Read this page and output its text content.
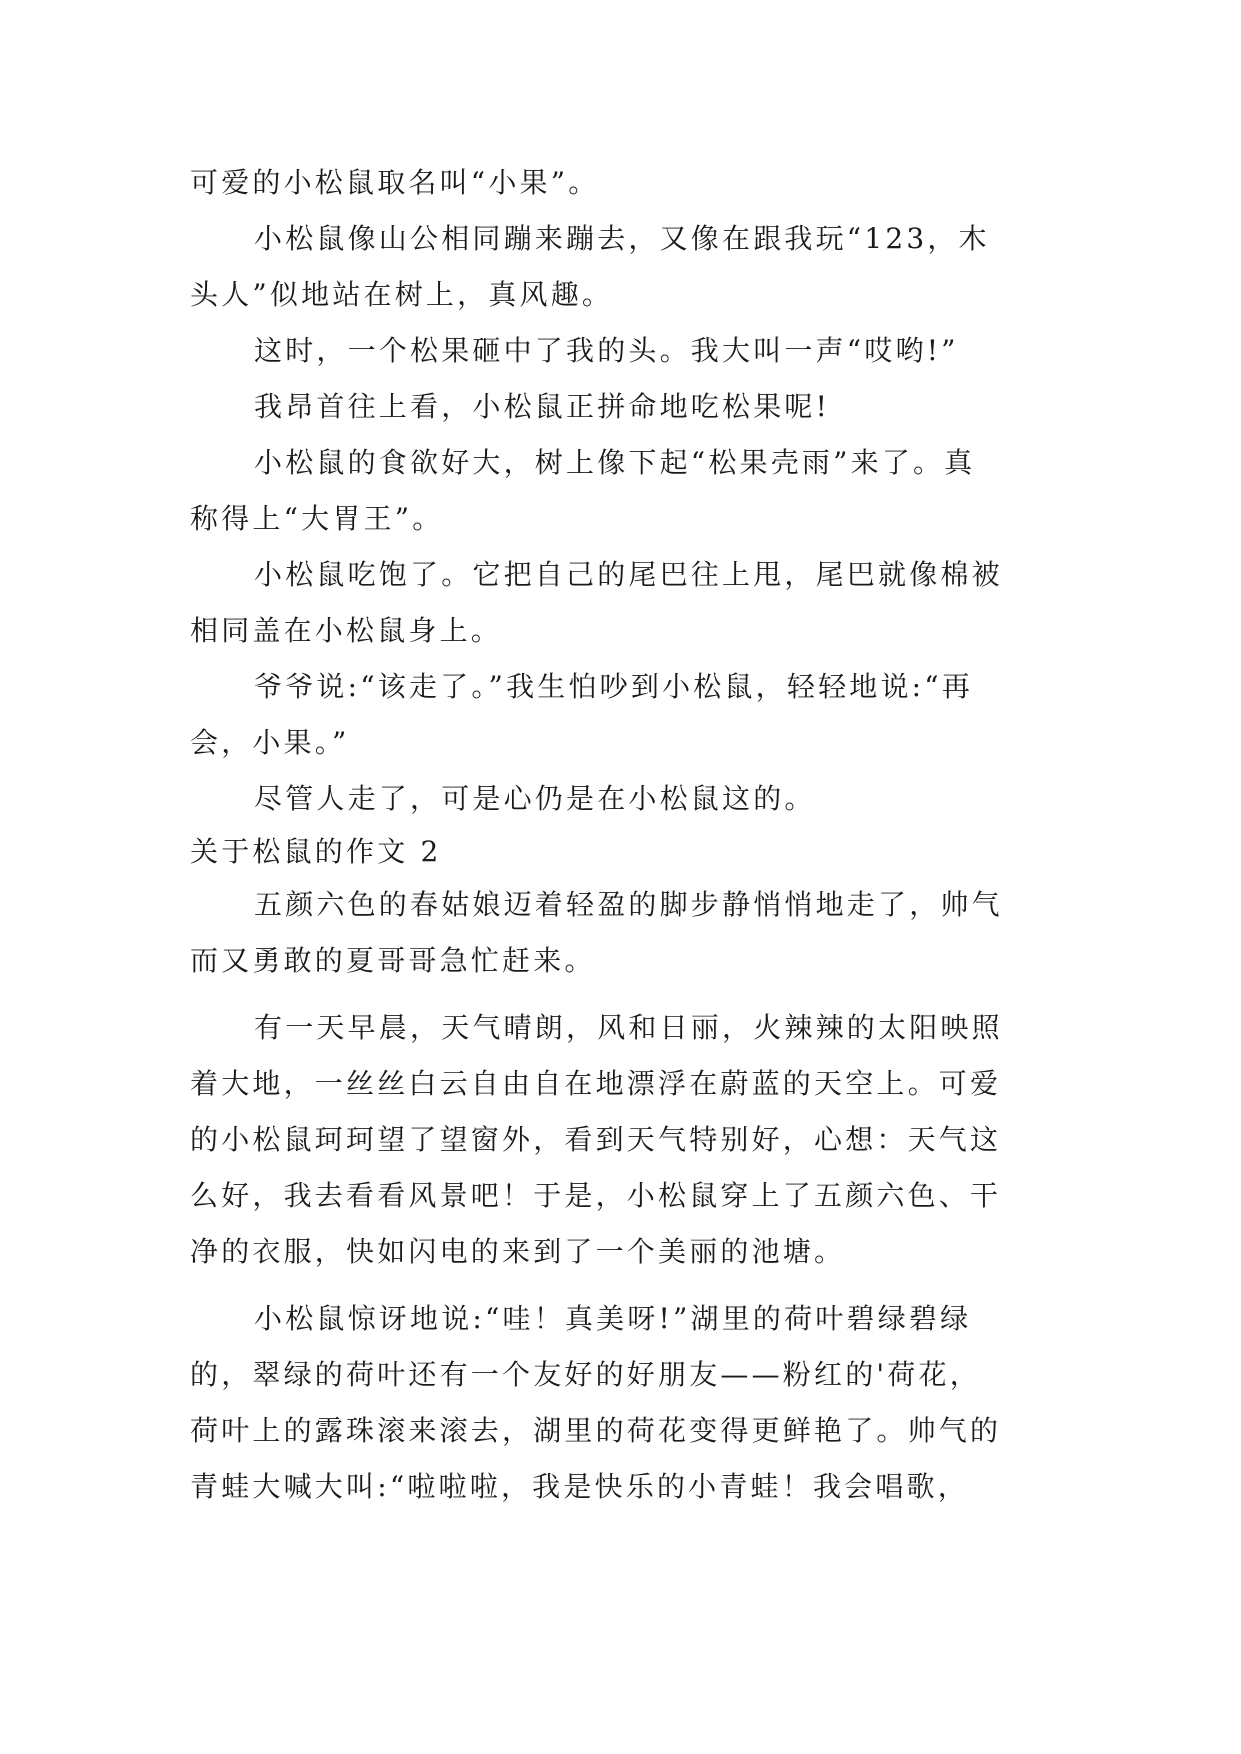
可爱的小松鼠取名叫“小果”。
小松鼠像山公相同蹦来蹦去，又像在跟我玩“123，木
头人”似地站在树上，真风趣。
这时，一个松果砸中了我的头。我大叫一声“哎哟!”
我昂首往上看，小松鼠正拼命地吃松果呢!
小松鼠的食欲好大，树上像下起“松果壳雨”来了。真
称得上“大胃王”。
小松鼠吃饱了。它把自己的尾巴往上甩，尾巴就像棉被
相同盖在小松鼠身上。
爷爷说:“该走了。”我生怕吵到小松鼠，轻轻地说:“再
会，小果。”
尽管人走了，可是心仍是在小松鼠这的。
关于松鼠的作文 2
五颜六色的春姑娘迈着轻盈的脚步静悄悄地走了，帅气
而又勇敢的夏哥哥急忙赶来。
有一天早晨，天气晴朗，风和日丽，火辣辣的太阳映照
着大地，一丝丝白云自由自在地漂浮在蔚蓝的天空上。可爱
的小松鼠珂珂望了望窗外，看到天气特别好，心想：天气这
么好，我去看看风景吧！于是，小松鼠穿上了五颜六色、干
净的衣服，快如闪电的来到了一个美丽的池塘。
小松鼠惊讶地说:“哇！真美呀!”湖里的荷叶碧绿碧绿
的，翠绿的荷叶还有一个友好的好朋友——粉红的'荷花，
荷叶上的露珠滚来滚去，湖里的荷花变得更鲜艳了。帅气的
青蛙大喊大叫:“啦啦啦，我是快乐的小青蛙！我会唱歌，
